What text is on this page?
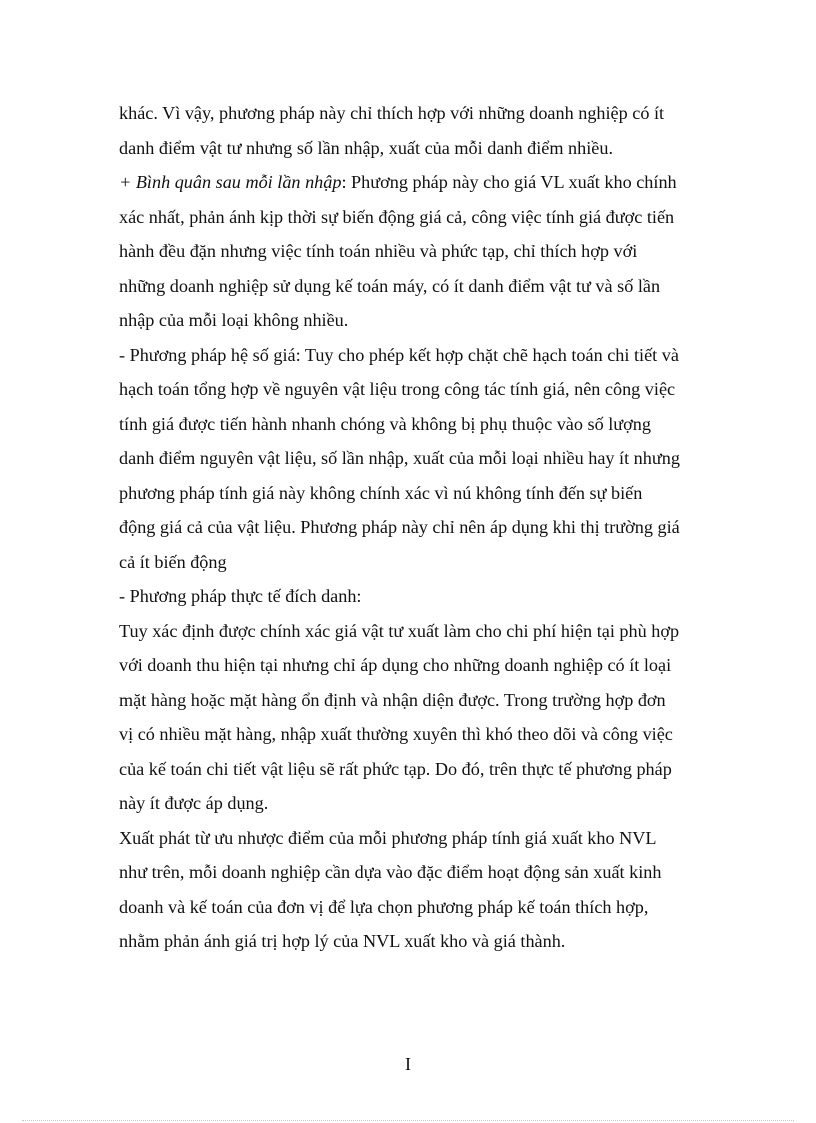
khác. Vì vậy, phương pháp này chỉ thích hợp với những doanh nghiệp có ít
danh điểm vật tư nhưng số lần nhập, xuất của mỗi danh điểm nhiều.
+ Bình quân sau mỗi lần nhập: Phương pháp này cho giá VL xuất kho chính
xác nhất, phản ánh kịp thời sự biến động giá cả, công việc tính giá được tiến
hành đều đặn nhưng việc tính toán nhiều và phức tạp, chỉ thích hợp với
những doanh nghiệp sử dụng kế toán máy, có ít danh điểm vật tư và số lần
nhập của mỗi loại không nhiều.
- Phương pháp hệ số giá: Tuy cho phép kết hợp chặt chẽ hạch toán chi tiết và
hạch toán tổng hợp về nguyên vật liệu trong công tác tính giá, nên công việc
tính giá được tiến hành nhanh chóng và không bị phụ thuộc vào số lượng
danh điểm nguyên vật liệu, số lần nhập, xuất của mỗi loại nhiều hay ít nhưng
phương pháp tính giá này không chính xác vì nú không tính đến sự biến
động giá cả của vật liệu. Phương pháp này chỉ nên áp dụng khi thị trường giá
cả ít biến động
- Phương pháp thực tế đích danh:
Tuy xác định được chính xác giá vật tư xuất làm cho chi phí hiện tại phù hợp
với doanh thu hiện tại nhưng chỉ áp dụng cho những doanh nghiệp có ít loại
mặt hàng hoặc mặt hàng ổn định và nhận diện được. Trong trường hợp đơn
vị có nhiều mặt hàng, nhập xuất thường xuyên thì khó theo dõi và công việc
của kế toán chi tiết vật liệu sẽ rất phức tạp. Do đó, trên thực tế phương pháp
này ít được áp dụng.
Xuất phát từ ưu nhược điểm của mỗi phương pháp tính giá xuất kho NVL
như trên, mỗi doanh nghiệp cần dựa vào đặc điểm hoạt động sản xuất kinh
doanh và kế toán của đơn vị để lựa chọn phương pháp kế toán thích hợp,
nhằm phản ánh giá trị hợp lý của NVL xuất kho và giá thành.
I
